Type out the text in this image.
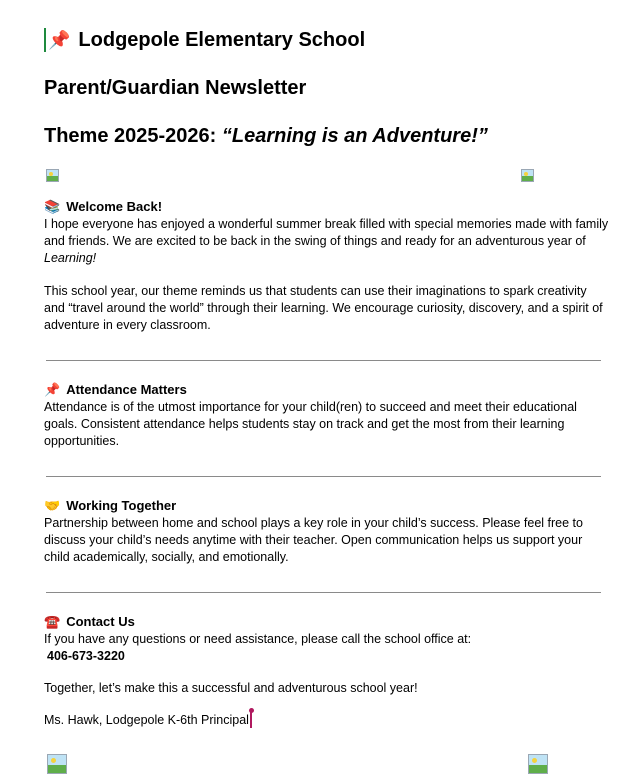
📌 Lodgepole Elementary School
Parent/Guardian Newsletter
Theme 2025-2026: “Learning is an Adventure!”
📚 Welcome Back!

I hope everyone has enjoyed a wonderful summer break filled with special memories made with family and friends. We are excited to be back in the swing of things and ready for an adventurous year of Learning!

This school year, our theme reminds us that students can use their imaginations to spark creativity and “travel around the world” through their learning. We encourage curiosity, discovery, and a spirit of adventure in every classroom.

📌 Attendance Matters

Attendance is of the utmost importance for your child(ren) to succeed and meet their educational goals. Consistent attendance helps students stay on track and get the most from their learning opportunities.

🤝 Working Together

Partnership between home and school plays a key role in your child’s success. Please feel free to discuss your child’s needs anytime with their teacher. Open communication helps us support your child academically, socially, and emotionally.

☎️ Contact Us

If you have any questions or need assistance, please call the school office at:

406-673-3220
Together, let’s make this a successful and adventurous school year!
Ms. Hawk, Lodgepole K-6th Principal
